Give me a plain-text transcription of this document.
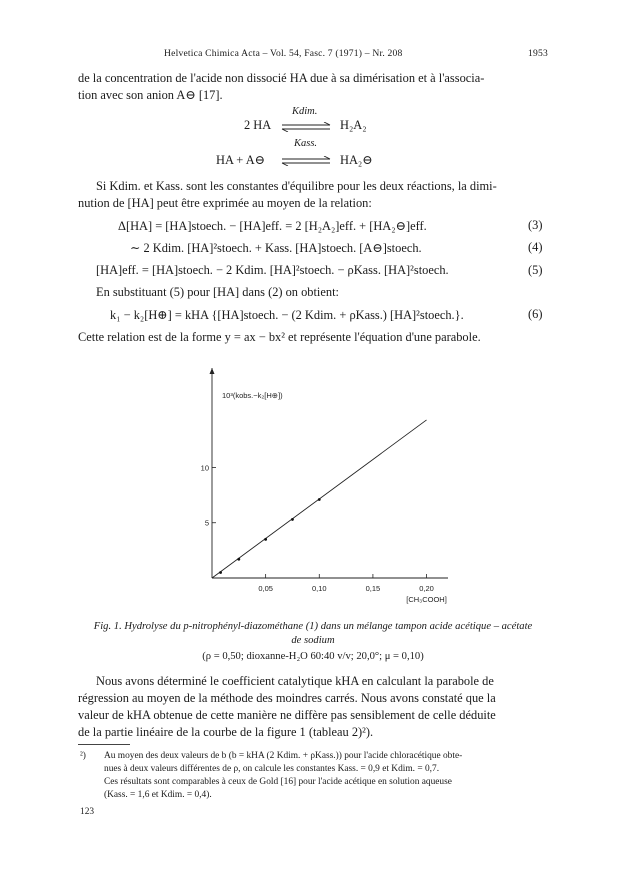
Helvetica Chimica Acta – Vol. 54, Fasc. 7 (1971) – Nr. 208	1953
de la concentration de l'acide non dissocié HA due à sa dimérisation et à l'associa-
tion avec son anion A⊖ [17].
Kdim.
2 HA ⇌ H₂A₂
Kass.
HA + A⊖ ⇌ HA₂⊖
Si Kdim. et Kass. sont les constantes d'équilibre pour les deux réactions, la dimi-
nution de [HA] peut être exprimée au moyen de la relation:
Δ[HA] = [HA]stoech. − [HA]eff. = 2 [H₂A₂]eff. + [HA₂⊖]eff.	(3)
∼ 2 Kdim. [HA]²stoech. + Kass. [HA]stoech. [A⊖]stoech.	(4)
[HA]eff. = [HA]stoech. − 2 Kdim. [HA]²stoech. − ρKass. [HA]²stoech.	(5)
En substituant (5) pour [HA] dans (2) on obtient:
k₁ − k₂[H⊕] = kHA {[HA]stoech. − (2 Kdim. + ρKass.) [HA]²stoech.}.	(6)
Cette relation est de la forme y = ax − bx² et représente l'équation d'une parabole.
10³(kobs.−k₂[H⊕])
[CH₃COOH]
0,05	0,10	0,15	0,20
5
10
Fig. 1. Hydrolyse du p-nitrophényl-diazométhane (1) dans un mélange tampon acide acétique – acétate
de sodium
(ρ = 0,50; dioxanne-H₂O 60:40 v/v; 20,0°; μ = 0,10)
Nous avons déterminé le coefficient catalytique kHA en calculant la parabole de
régression au moyen de la méthode des moindres carrés. Nous avons constaté que la
valeur de kHA obtenue de cette manière ne diffère pas sensiblement de celle déduite
de la partie linéaire de la courbe de la figure 1 (tableau 2)²).
²) Au moyen des deux valeurs de b (b = kHA (2 Kdim. + ρKass.)) pour l'acide chloracétique obte-
nues à deux valeurs différentes de ρ, on calcule les constantes Kass. = 0,9 et Kdim. = 0,7.
Ces résultats sont comparables à ceux de Gold [16] pour l'acide acétique en solution aqueuse
(Kass. = 1,6 et Kdim. = 0,4).
123
